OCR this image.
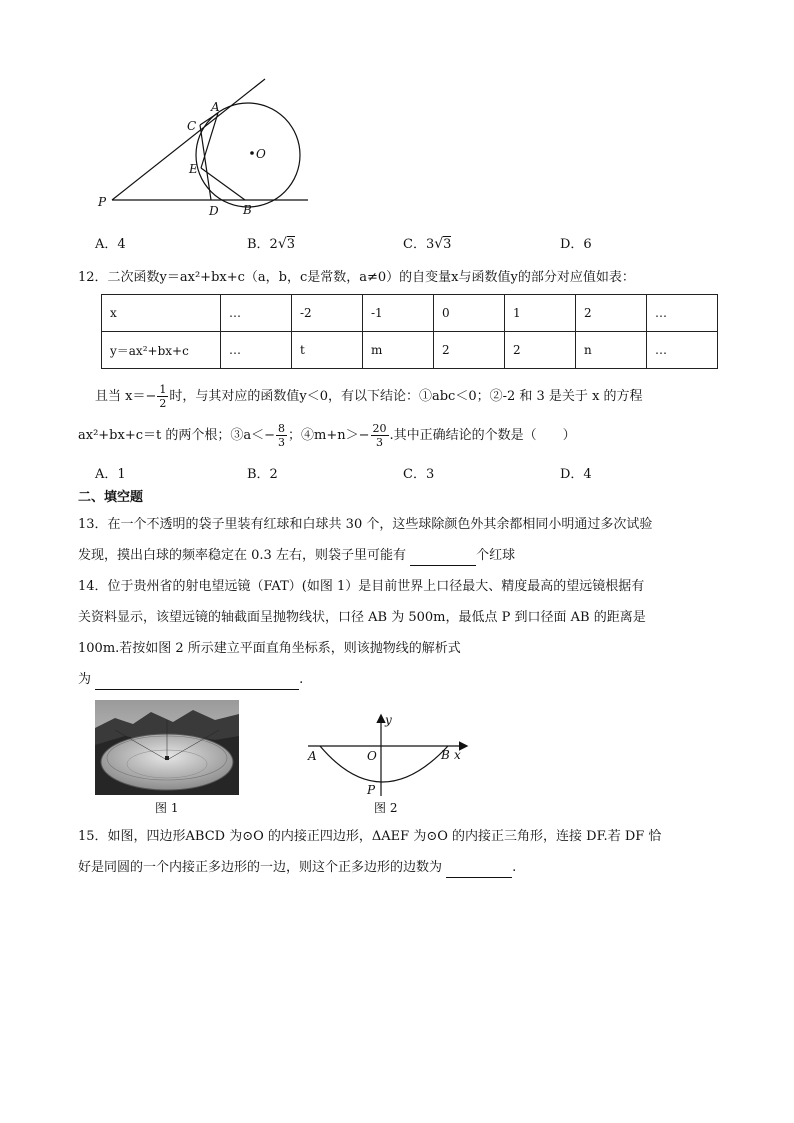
A
C
O
E
P
D B
A．4	B．2√3	C．3√3	D．6
12．二次函数y＝ax²+bx+c（a，b，c是常数，a≠0）的自变量x与函数值y的部分对应值如表：
x	…	-2	-1	0	1	2	…
y＝ax²+bx+c	…	t	m	2	2	n	…
且当 $x=- \frac{1}{2}$ 时，与其对应的函数值y＜0，有以下结论：①abc＜0；②-2 和 3 是关于 x 的方程
ax²+bx+c＝t 的两个根；③a＜− $\frac{8}{3}$ ；④m+n＞− $\frac{20}{3}$ .其中正确结论的个数是（　　）
A．1	B．2	C．3	D．4
二、填空题
13．在一个不透明的袋子里装有红球和白球共 30 个，这些球除颜色外其余都相同小明通过多次试验
发现，摸出白球的频率稳定在 0.3 左右，则袋子里可能有	个红球
14．位于贵州省的射电望远镜（FAT）(如图 1）是目前世界上口径最大、精度最高的望远镜根据有
关资料显示，该望远镜的轴截面呈抛物线状，口径 AB 为 500m，最低点 P 到口径面 AB 的距离是
100m.若按如图 2 所示建立平面直角坐标系，则该抛物线的解析式
为	.
图 1
y
x
A	O	B
P
图 2
15．如图，四边形ABCD 为⊙O 的内接正四边形，ΔAEF 为⊙O 的内接正三角形，连接 DF.若 DF 恰
好是同圆的一个内接正多边形的一边，则这个正多边形的边数为	.
